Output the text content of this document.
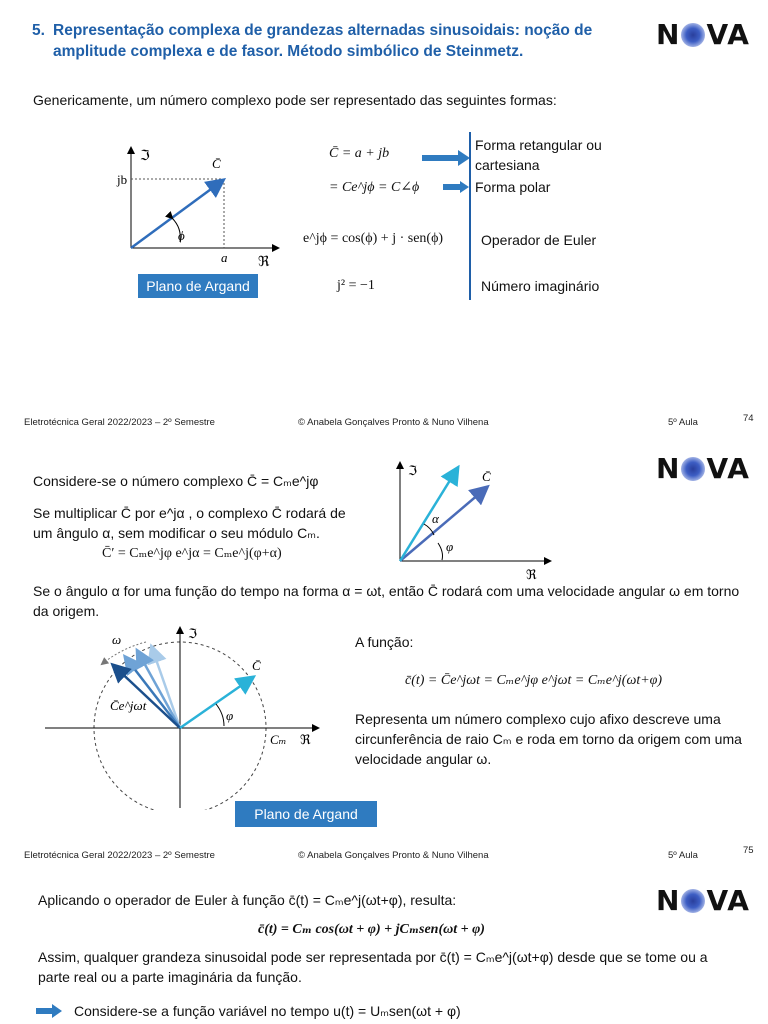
5. Representação complexa de grandezas alternadas sinusoidais: noção de amplitude complexa e de fasor. Método simbólico de Steinmetz.
N VA
Genericamente, um número complexo pode ser representado das seguintes formas:
ℑ
jb
C̄
ϕ
a ℜ
Plano de Argand
C̄ = a + jb
= Ce^jϕ = C∠ϕ
e^jϕ = cos(ϕ) + j · sen(ϕ)
j² = −1
Forma retangular ou cartesiana
Forma polar
Operador de Euler
Número imaginário
Eletrotécnica Geral 2022/2023 – 2º Semestre	© Anabela Gonçalves Pronto & Nuno Vilhena	5º Aula	74
N VA
Considere-se o número complexo C̄ = Cₘe^jφ
Se multiplicar C̄ por e^jα , o complexo C̄ rodará de um ângulo α, sem modificar o seu módulo Cₘ.
C̄′ = Cₘe^jφ e^jα = Cₘe^j(φ+α)
ℑ	C̄
α
φ
ℜ
Se o ângulo α for uma função do tempo na forma α = ωt, então C̄ rodará com uma velocidade angular ω em torno da origem.
ℑ
ω
C̄e^jωt
C̄
φ
Cₘ ℜ
A função:
c̄(t) = C̄e^jωt = Cₘe^jφ e^jωt = Cₘe^j(ωt+φ)
Representa um número complexo cujo afixo descreve uma circunferência de raio Cₘ e roda em torno da origem com uma velocidade angular ω.
Plano de Argand
Eletrotécnica Geral 2022/2023 – 2º Semestre	© Anabela Gonçalves Pronto & Nuno Vilhena	5º Aula	75
N VA
Aplicando o operador de Euler à função c̄(t) = Cₘe^j(ωt+φ), resulta:
c̄(t) = Cₘ cos(ωt + φ) + jCₘsen(ωt + φ)
Assim, qualquer grandeza sinusoidal pode ser representada por c̄(t) = Cₘe^j(ωt+φ) desde que se tome ou a parte real ou a parte imaginária da função.
Considere-se a função variável no tempo u(t) = Uₘsen(ωt + φ)
